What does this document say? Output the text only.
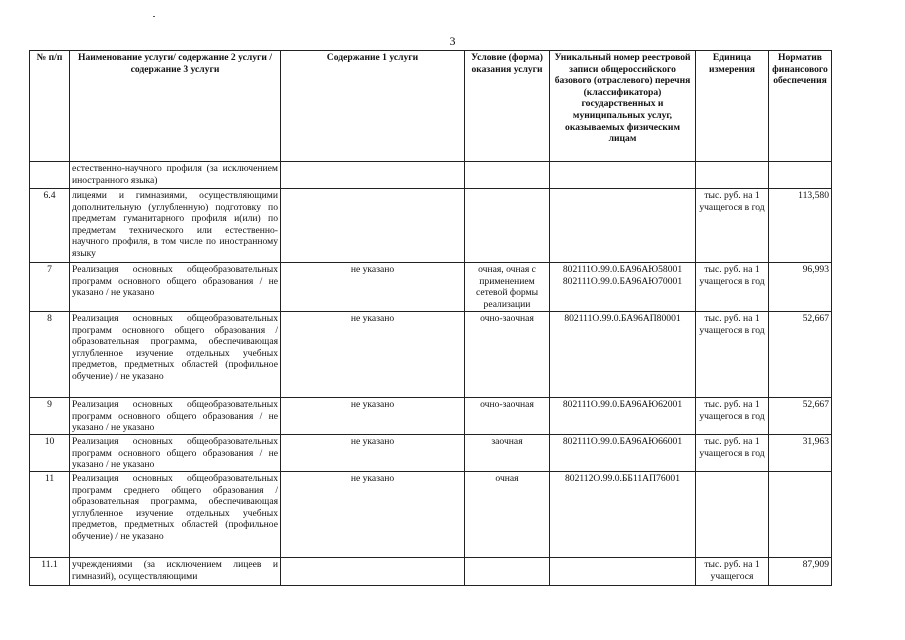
3
№ п/п	Наименование услуги/ содержание 2 услуги / содержание 3 услуги	Содержание 1 услуги	Условие (форма) оказания услуги	Уникальный номер реестровой записи общероссийского базового (отраслевого) перечня (классификатора) государственных и муниципальных услуг, оказываемых физическим лицам	Единица измерения	Норматив финансового обеспечения
	естественно-научного профиля (за исключением иностранного языка)					
6.4	лицеями и гимназиями, осуществляющими дополнительную (углубленную) подготовку по предметам гуманитарного профиля и(или) по предметам технического или естественно-научного профиля, в том числе по иностранному языку				тыс. руб. на 1 учащегося в год	113,580
7	Реализация основных общеобразовательных программ основного общего образования / не указано / не указано	не указано	очная, очная с применением сетевой формы реализации	802111О.99.0.БА96АЮ58001 802111О.99.0.БА96АЮ70001	тыс. руб. на 1 учащегося в год	96,993
8	Реализация основных общеобразовательных программ основного общего образования / образовательная программа, обеспечивающая углубленное изучение отдельных учебных предметов, предметных областей (профильное обучение) / не указано	не указано	очно-заочная	802111О.99.0.БА96АП80001	тыс. руб. на 1 учащегося в год	52,667
9	Реализация основных общеобразовательных программ основного общего образования / не указано / не указано	не указано	очно-заочная	802111О.99.0.БА96АЮ62001	тыс. руб. на 1 учащегося в год	52,667
10	Реализация основных общеобразовательных программ основного общего образования / не указано / не указано	не указано	заочная	802111О.99.0.БА96АЮ66001	тыс. руб. на 1 учащегося в год	31,963
11	Реализация основных общеобразовательных программ среднего общего образования / образовательная программа, обеспечивающая углубленное изучение отдельных учебных предметов, предметных областей (профильное обучение) / не указано	не указано	очная	802112О.99.0.ББ11АП76001		
11.1	учреждениями (за исключением лицеев и гимназий), осуществляющими				тыс. руб. на 1 учащегося	87,909
